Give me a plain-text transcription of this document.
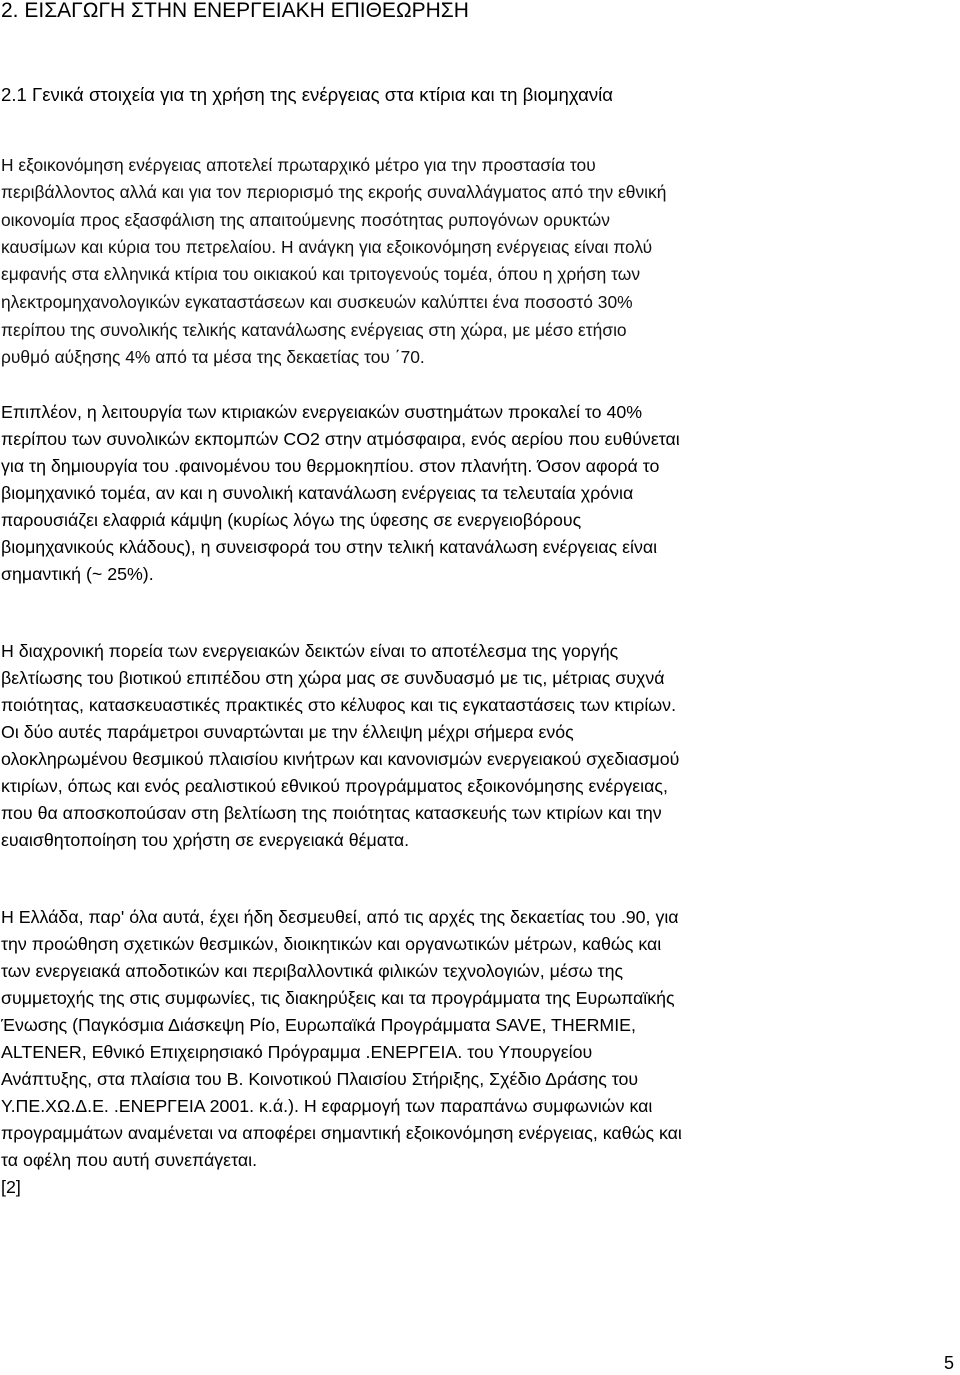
2. ΕΙΣΑΓΩΓΗ ΣΤΗΝ ΕΝΕΡΓΕΙΑΚΗ ΕΠΙΘΕΩΡΗΣΗ
2.1 Γενικά στοιχεία για τη χρήση της ενέργειας στα κτίρια και τη βιομηχανία

Η εξοικονόμηση ενέργειας αποτελεί πρωταρχικό μέτρο για την προστασία του

περιβάλλοντος αλλά και για τον περιορισμό της εκροής συναλλάγματος από την εθνική

οικονομία προς εξασφάλιση της απαιτούμενης ποσότητας ρυπογόνων ορυκτών

καυσίμων και κύρια του πετρελαίου. Η ανάγκη για εξοικονόμηση ενέργειας είναι πολύ

εμφανής στα ελληνικά κτίρια του οικιακού και τριτογενούς τομέα, όπου η χρήση των

ηλεκτρομηχανολογικών εγκαταστάσεων και συσκευών καλύπτει ένα ποσοστό 30%

περίπου της συνολικής τελικής κατανάλωσης ενέργειας στη χώρα, με μέσο ετήσιο

ρυθμό αύξησης 4% από τα μέσα της δεκαετίας του ΄70.

Επιπλέον, η λειτουργία των κτιριακών ενεργειακών συστημάτων προκαλεί το 40%

περίπου των συνολικών εκπομπών CO2 στην ατμόσφαιρα, ενός αερίου που ευθύνεται

για τη δημιουργία του .φαινομένου του θερμοκηπίου. στον πλανήτη. Όσον αφορά το

βιομηχανικό τομέα, αν και η συνολική κατανάλωση ενέργειας τα τελευταία χρόνια

παρουσιάζει ελαφριά κάμψη (κυρίως λόγω της ύφεσης σε ενεργειοβόρους

βιομηχανικούς κλάδους), η συνεισφορά του στην τελική κατανάλωση ενέργειας είναι

σημαντική (~ 25%).

Η διαχρονική πορεία των ενεργειακών δεικτών είναι το αποτέλεσμα της γοργής

βελτίωσης του βιοτικού επιπέδου στη χώρα μας σε συνδυασμό με τις, μέτριας συχνά

ποιότητας, κατασκευαστικές πρακτικές στο κέλυφος και τις εγκαταστάσεις των κτιρίων.

Οι δύο αυτές παράμετροι συναρτώνται με την έλλειψη μέχρι σήμερα ενός

ολοκληρωμένου θεσμικού πλαισίου κινήτρων και κανονισμών ενεργειακού σχεδιασμού

κτιρίων, όπως και ενός ρεαλιστικού εθνικού προγράμματος εξοικονόμησης ενέργειας,

που θα αποσκοποúσαν στη βελτίωση της ποιότητας κατασκευής των κτιρίων και την

ευαισθητοποίηση του χρήστη σε ενεργειακά θέματα.

Η Ελλάδα, παρ' όλα αυτά, έχει ήδη δεσμευθεί, από τις αρχές της δεκαετίας του .90, για

την προώθηση σχετικών θεσμικών, διοικητικών και οργανωτικών μέτρων, καθώς και

των ενεργειακά αποδοτικών και περιβαλλοντικά φιλικών τεχνολογιών, μέσω της

συμμετοχής της στις συμφωνίες, τις διακηρύξεις και τα προγράμματα της Ευρωπαϊκής

Ένωσης (Παγκόσμια Διάσκεψη Ρίο, Ευρωπαϊκά Προγράμματα SAVE, THERMIE,

ALTENER, Εθνικό Επιχειρησιακό Πρόγραμμα .ΕΝΕΡΓΕΙΑ. του Υπουργείου

Ανάπτυξης, στα πλαίσια του Β. Κοινοτικού Πλαισίου Στήριξης, Σχέδιο Δράσης του

Υ.ΠΕ.ΧΩ.Δ.Ε. .ΕΝΕΡΓΕΙΑ 2001. κ.ά.). Η εφαρμογή των παραπάνω συμφωνιών και

προγραμμάτων αναμένεται να αποφέρει σημαντική εξοικονόμηση ενέργειας, καθώς και

τα οφέλη που αυτή συνεπάγεται.

[2]

5
